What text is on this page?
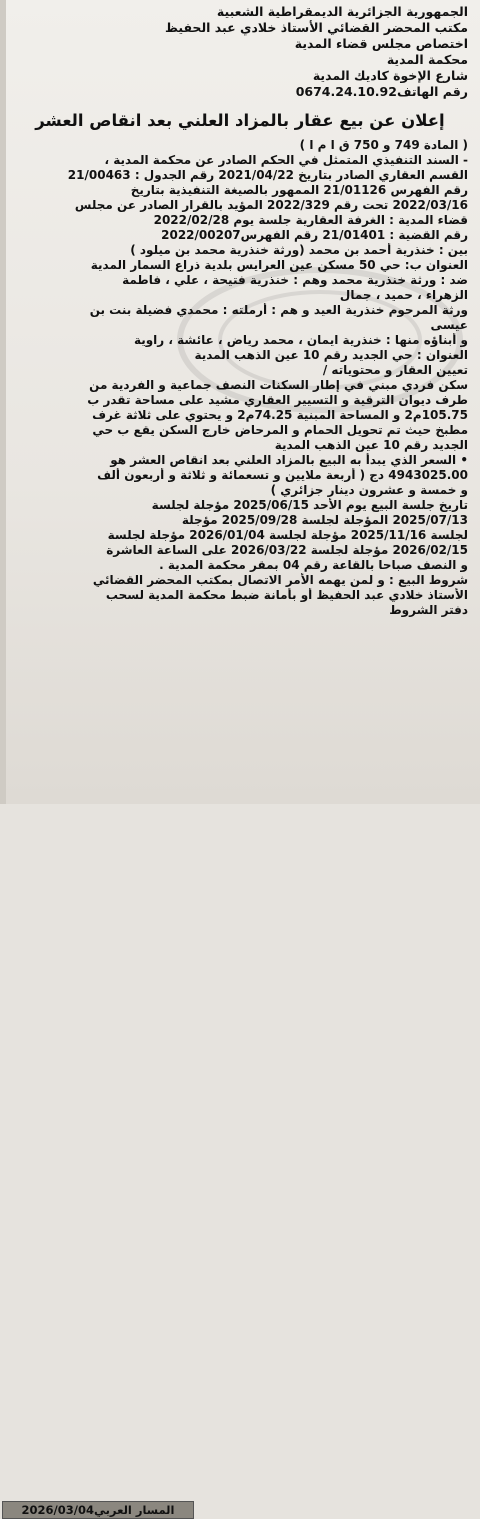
الجمهورية الجزائرية الديمقراطية الشعبية
مكتب المحضر القضائي الأستاذ خلادي عبد الحفيظ
اختصاص مجلس قضاء المدية
محكمة المدية
شارع الإخوة كاديك المدية
رقم الهاتف0674.24.10.92
إعلان عن بيع عقار بالمزاد العلني بعد انقاص العشر
( المادة 749 و 750 ق ا م ا )
- السند التنفيذي المتمثل في الحكم الصادر عن محكمة المدية ،
القسم العقاري الصادر بتاريخ 2021/04/22 رقم الجدول : 21/00463
رقم الفهرس 21/01126 الممهور بالصيغة التنفيذية بتاريخ
2022/03/16 تحت رقم 2022/329 المؤيد بالقرار الصادر عن مجلس
قضاء المدية : الغرفة العقارية جلسة يوم 2022/02/28
رقم القضية : 21/01401 رقم الفهرس2022/00207
بين : خنذرية أحمد بن محمد (ورثة خنذرية محمد بن ميلود )
العنوان ب: حي 50 مسكن عين العرايس بلدية ذراع السمار المدية
ضد : ورثة خنذرية محمد وهم : خنذرية فتيحة ، علي ، فاطمة
الزهراء ، حميد ، جمال
ورثة المرحوم خنذرية العيد و هم : أرملته : محمدي فضيلة بنت بن
عيسى
و أبناؤه منها : خنذرية ايمان ، محمد رياض ، عائشة ، راوية
العنوان : حي الجديد رقم 10 عين الذهب المدية
تعيين العقار و محتوياته /
سكن فردي مبني في إطار السكنات النصف جماعية و الفردية من
طرف ديوان الترقية و التسيير العقاري مشيد على مساحة تقدر ب
105.75م2 و المساحة المبنية 74.25م2 و يحتوي على ثلاثة غرف
مطبخ حيث تم تحويل الحمام و المرحاض خارج السكن يقع ب حي
الجديد رقم 10 عين الذهب المدية
• السعر الذي يبدأ به البيع بالمزاد العلني بعد انقاص العشر هو
4943025.00 دج ( أربعة ملايين و تسعمائة و ثلاثة و أربعون ألف
و خمسة و عشرون دينار جزائري )
تاريخ جلسة البيع يوم الأحد 2025/06/15 مؤجلة لجلسة
2025/07/13 المؤجلة لجلسة 2025/09/28 مؤجلة
لجلسة 2025/11/16 مؤجلة لجلسة 2026/01/04 مؤجلة لجلسة
2026/02/15 مؤجلة لجلسة 2026/03/22 على الساعة العاشرة
و النصف صباحا بالقاعة رقم 04 بمقر محكمة المدية .
شروط البيع : و لمن يهمه الأمر الاتصال بمكتب المحضر القضائي
الأستاذ خلادي عبد الحفيظ أو بأمانة ضبط محكمة المدية لسحب
دفتر الشروط
المسار العربي
2026/03/04
